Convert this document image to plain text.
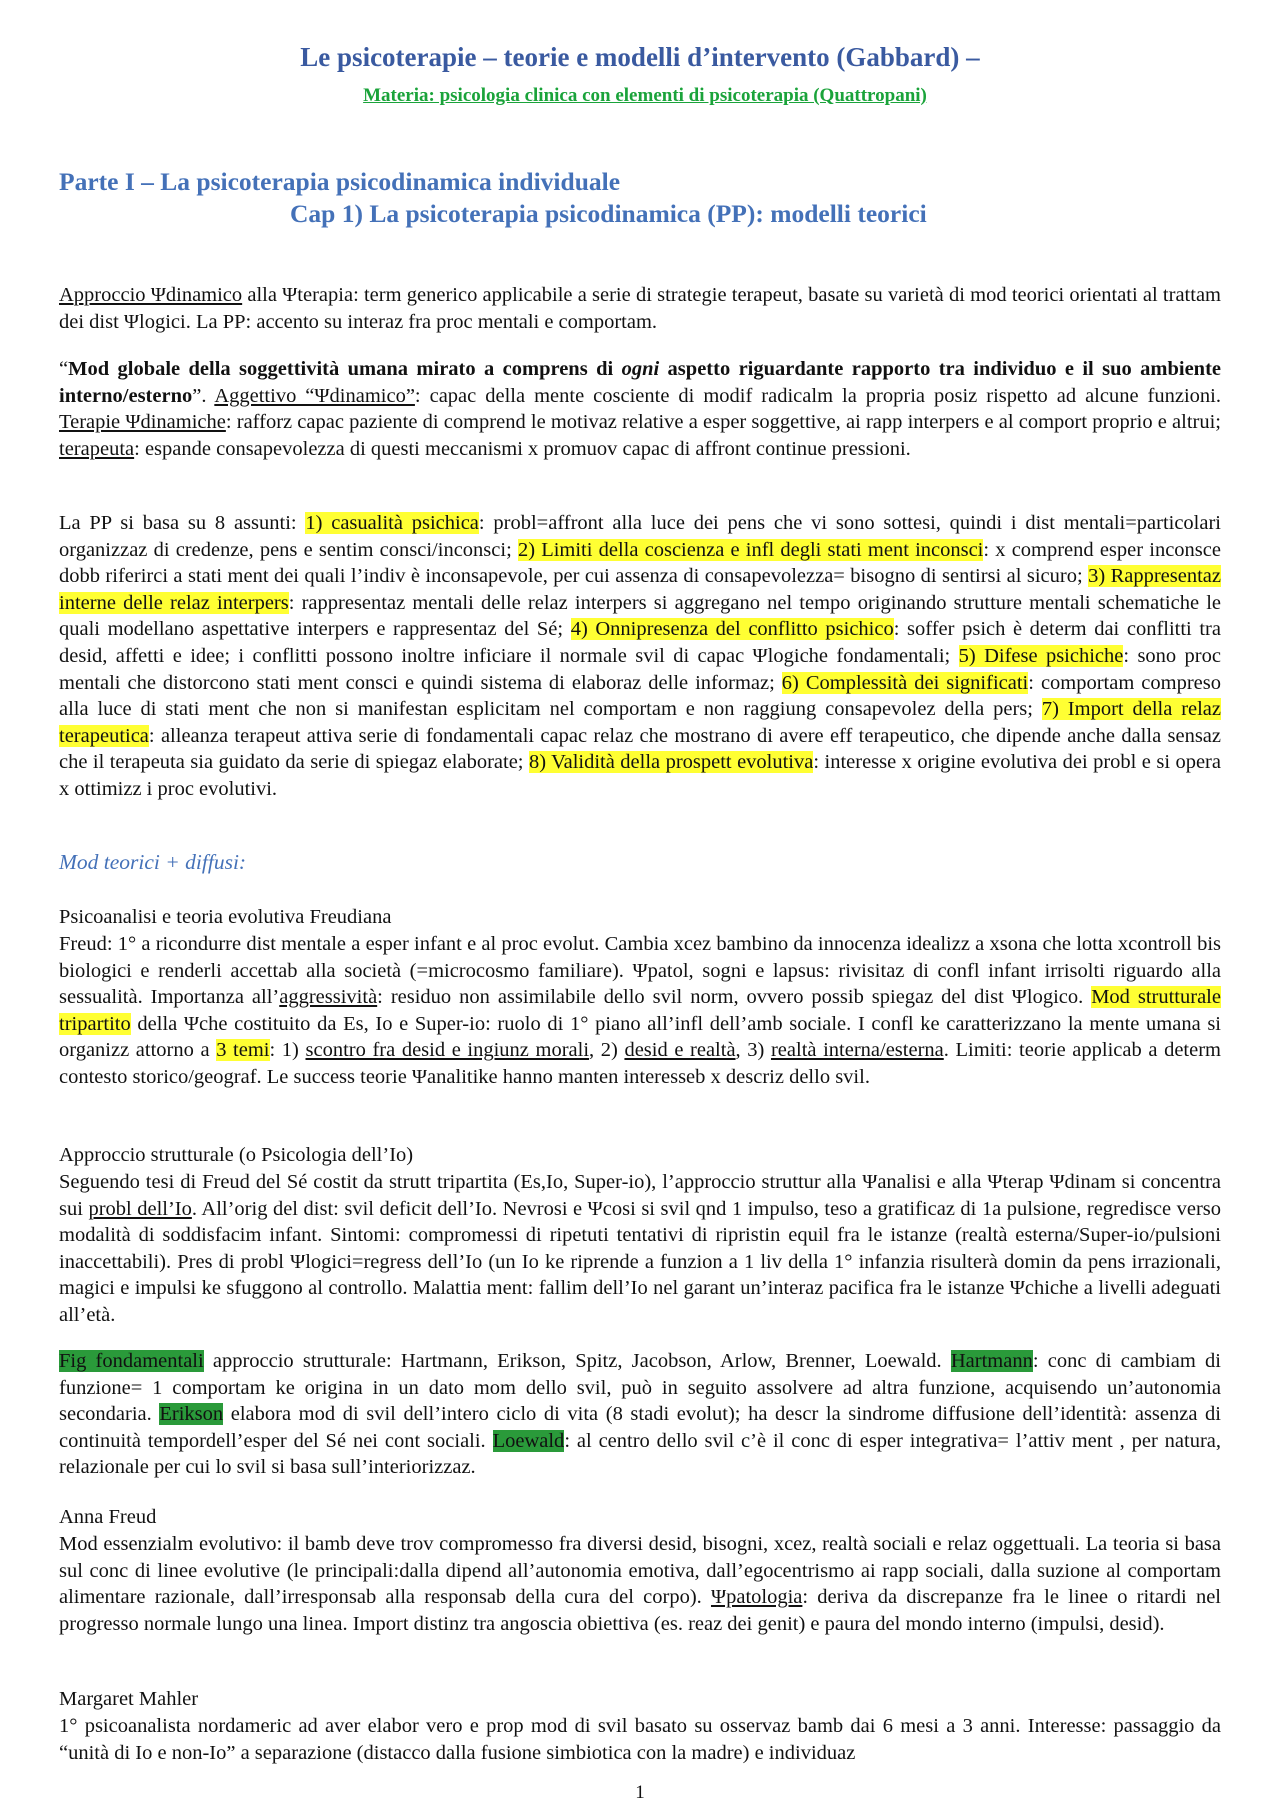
Le psicoterapie – teorie e modelli d’intervento (Gabbard) –
Materia: psicologia clinica con elementi di psicoterapia (Quattropani)
Parte I – La psicoterapia psicodinamica individuale
Cap 1) La psicoterapia psicodinamica (PP): modelli teorici

Approccio Ψdinamico alla Ψterapia: term generico applicabile a serie di strategie terapeut, basate su varietà di mod teorici orientati al trattam dei dist Ψlogici. La PP: accento su interaz fra proc mentali e comportam.

“Mod globale della soggettività umana mirato a comprens di ogni aspetto riguardante rapporto tra individuo e il suo ambiente interno/esterno”. Aggettivo “Ψdinamico”: capac della mente cosciente di modif radicalm la propria posiz rispetto ad alcune funzioni. Terapie Ψdinamiche: rafforz capac paziente di comprend le motivaz relative a esper soggettive, ai rapp interpers e al comport proprio e altrui; terapeuta: espande consapevolezza di questi meccanismi x promuov capac di affront continue pressioni.

La PP si basa su 8 assunti: 1) casualità psichica: probl=affront alla luce dei pens che vi sono sottesi, quindi i dist mentali=particolari organizzaz di credenze, pens e sentim consci/inconsci; 2) Limiti della coscienza e infl degli stati ment inconsci: x comprend esper inconsce dobb riferirci a stati ment dei quali l’indiv è inconsapevole, per cui assenza di consapevolezza= bisogno di sentirsi al sicuro; 3) Rappresentaz interne delle relaz interpers: rappresentaz mentali delle relaz interpers si aggregano nel tempo originando strutture mentali schematiche le quali modellano aspettative interpers e rappresentaz del Sé; 4) Onnipresenza del conflitto psichico: soffer psich è determ dai conflitti tra desid, affetti e idee; i conflitti possono inoltre inficiare il normale svil di capac Ψlogiche fondamentali; 5) Difese psichiche: sono proc mentali che distorcono stati ment consci e quindi sistema di elaboraz delle informaz; 6) Complessità dei significati: comportam compreso alla luce di stati ment che non si manifestan esplicitam nel comportam e non raggiung consapevolez della pers; 7) Import della relaz terapeutica: alleanza terapeut attiva serie di fondamentali capac relaz che mostrano di avere eff terapeutico, che dipende anche dalla sensaz che il terapeuta sia guidato da serie di spiegaz elaborate; 8) Validità della prospett evolutiva: interesse x origine evolutiva dei probl e si opera x ottimizz i proc evolutivi.

Mod teorici + diffusi:
Psicoanalisi e teoria evolutiva Freudiana

Freud: 1° a ricondurre dist mentale a esper infant e al proc evolut. Cambia xcez bambino da innocenza idealizz a xsona che lotta xcontroll bis biologici e renderli accettab alla società (=microcosmo familiare). Ψpatol, sogni e lapsus: rivisitaz di confl infant irrisolti riguardo alla sessualità. Importanza all’aggressività: residuo non assimilabile dello svil norm, ovvero possib spiegaz del dist Ψlogico. Mod strutturale tripartito della Ψche costituito da Es, Io e Super-io: ruolo di 1° piano all’infl dell’amb sociale. I confl ke caratterizzano la mente umana si organizz attorno a 3 temi: 1) scontro fra desid e ingiunz morali, 2) desid e realtà, 3) realtà interna/esterna. Limiti: teorie applicab a determ contesto storico/geograf. Le success teorie Ψanalitike hanno manten interesseb x descriz dello svil.

Approccio strutturale (o Psicologia dell’Io)

Seguendo tesi di Freud del Sé costit da strutt tripartita (Es,Io, Super-io), l’approccio struttur alla Ψanalisi e alla Ψterap Ψdinam si concentra sui probl dell’Io. All’orig del dist: svil deficit dell’Io. Nevrosi e Ψcosi si svil qnd 1 impulso, teso a gratificaz di 1a pulsione, regredisce verso modalità di soddisfacim infant. Sintomi: compromessi di ripetuti tentativi di ripristin equil fra le istanze (realtà esterna/Super-io/pulsioni inaccettabili). Pres di probl Ψlogici=regress dell’Io (un Io ke riprende a funzion a 1 liv della 1° infanzia risulterà domin da pens irrazionali, magici e impulsi ke sfuggono al controllo. Malattia ment: fallim dell’Io nel garant un’interaz pacifica fra le istanze Ψchiche a livelli adeguati all’età.

Fig fondamentali approccio strutturale: Hartmann, Erikson, Spitz, Jacobson, Arlow, Brenner, Loewald. Hartmann: conc di cambiam di funzione= 1 comportam ke origina in un dato mom dello svil, può in seguito assolvere ad altra funzione, acquisendo un’autonomia secondaria. Erikson elabora mod di svil dell’intero ciclo di vita (8 stadi evolut); ha descr la sindrome diffusione dell’identità: assenza di continuità tempordell’esper del Sé nei cont sociali. Loewald: al centro dello svil c’è il conc di esper integrativa= l’attiv ment , per natura, relazionale per cui lo svil si basa sull’interiorizzaz.

Anna Freud

Mod essenzialm evolutivo: il bamb deve trov compromesso fra diversi desid, bisogni, xcez, realtà sociali e relaz oggettuali. La teoria si basa sul conc di linee evolutive (le principali:dalla dipend all’autonomia emotiva, dall’egocentrismo ai rapp sociali, dalla suzione al comportam alimentare razionale, dall’irresponsab alla responsab della cura del corpo). Ψpatologia: deriva da discrepanze fra le linee o ritardi nel progresso normale lungo una linea. Import distinz tra angoscia obiettiva (es. reaz dei genit) e paura del mondo interno (impulsi, desid).

Margaret Mahler

1° psicoanalista nordameric ad aver elabor vero e prop mod di svil basato su osservaz bamb dai 6 mesi a 3 anni. Interesse: passaggio da “unità di Io e non-Io” a separazione (distacco dalla fusione simbiotica con la madre) e individuaz

1
